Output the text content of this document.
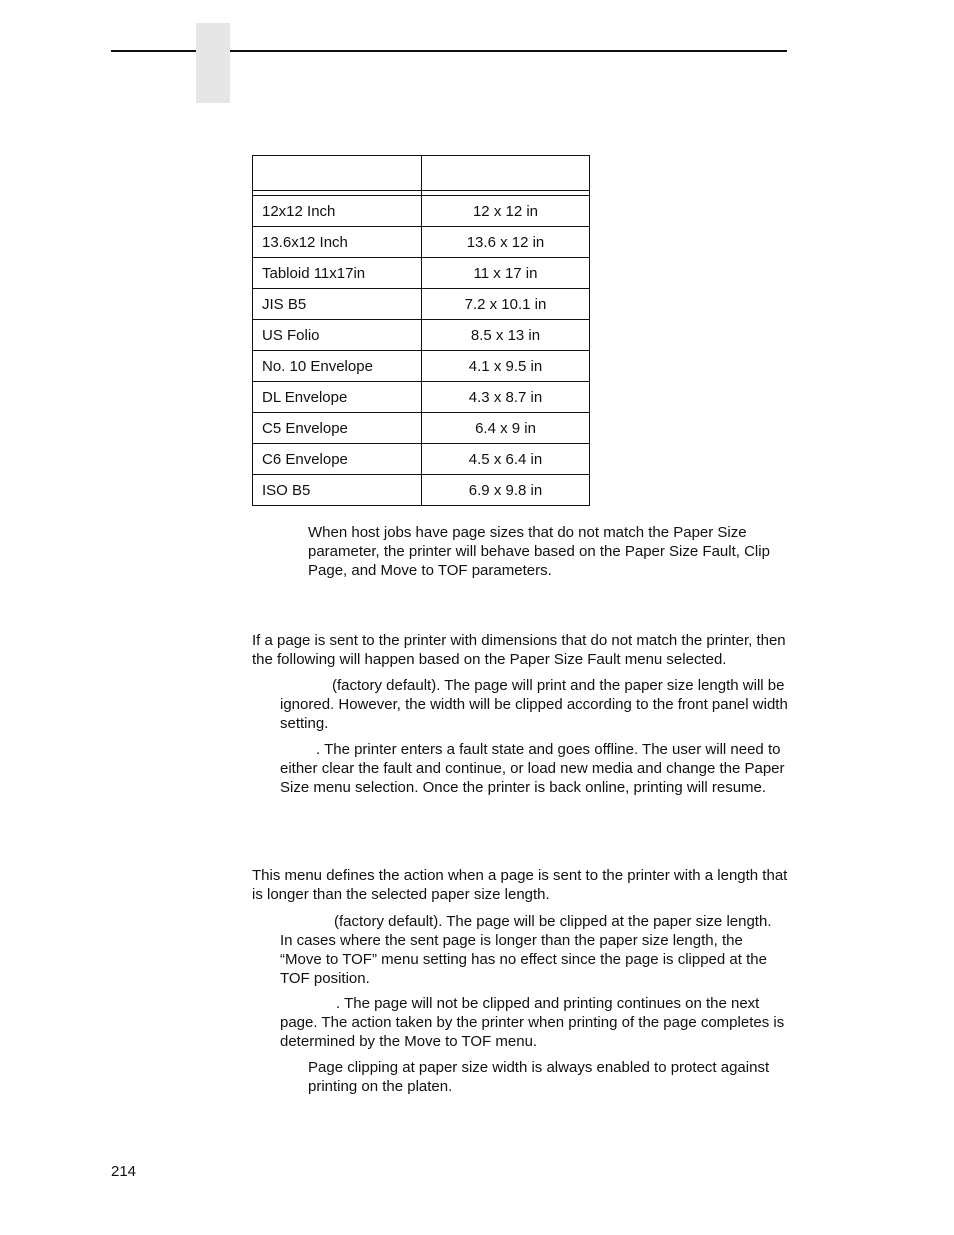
12x12 Inch	12 x 12 in
13.6x12 Inch	13.6 x 12 in
Tabloid 11x17in	11 x 17 in
JIS B5	7.2 x 10.1 in
US Folio	8.5 x 13 in
No. 10 Envelope	4.1 x 9.5 in
DL Envelope	4.3 x 8.7 in
C5 Envelope	6.4 x 9 in
C6 Envelope	4.5 x 6.4 in
ISO B5	6.9 x 9.8 in

When host jobs have page sizes that do not match the Paper Size parameter, the printer will behave based on the Paper Size Fault, Clip Page, and Move to TOF parameters.

If a page is sent to the printer with dimensions that do not match the printer, then the following will happen based on the Paper Size Fault menu selected.

(factory default). The page will print and the paper size length will be ignored. However, the width will be clipped according to the front panel width setting.

. The printer enters a fault state and goes offline. The user will need to either clear the fault and continue, or load new media and change the Paper Size menu selection. Once the printer is back online, printing will resume.

This menu defines the action when a page is sent to the printer with a length that is longer than the selected paper size length.

(factory default). The page will be clipped at the paper size length. In cases where the sent page is longer than the paper size length, the “Move to TOF” menu setting has no effect since the page is clipped at the TOF position.

. The page will not be clipped and printing continues on the next page. The action taken by the printer when printing of the page completes is determined by the Move to TOF menu.

Page clipping at paper size width is always enabled to protect against printing on the platen.

214
